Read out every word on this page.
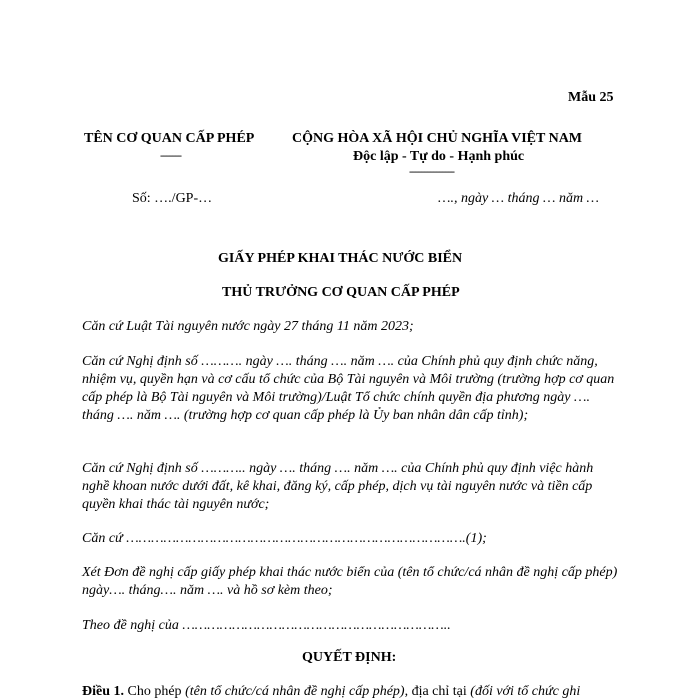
Mẫu 25
TÊN CƠ QUAN CẤP PHÉP
-------
Số: …./GP-…
CỘNG HÒA XÃ HỘI CHỦ NGHĨA VIỆT NAM
Độc lập - Tự do - Hạnh phúc
---------------
…., ngày … tháng … năm …
GIẤY PHÉP KHAI THÁC NƯỚC BIỂN
THỦ TRƯỞNG CƠ QUAN CẤP PHÉP
Căn cứ Luật Tài nguyên nước ngày 27 tháng 11 năm 2023;
Căn cứ Nghị định số ………. ngày …. tháng …. năm …. của Chính phủ quy định chức năng, nhiệm vụ, quyền hạn và cơ cấu tổ chức của Bộ Tài nguyên và Môi trường (trường hợp cơ quan cấp phép là Bộ Tài nguyên và Môi trường)/Luật Tổ chức chính quyền địa phương ngày …. tháng …. năm …. (trường hợp cơ quan cấp phép là Ủy ban nhân dân cấp tỉnh);
Căn cứ Nghị định số ……….. ngày …. tháng …. năm …. của Chính phủ quy định việc hành nghề khoan nước dưới đất, kê khai, đăng ký, cấp phép, dịch vụ tài nguyên nước và tiền cấp quyền khai thác tài nguyên nước;
Căn cứ ……………………………………………………………………….(1);
Xét Đơn đề nghị cấp giấy phép khai thác nước biển của (tên tổ chức/cá nhân đề nghị cấp phép) ngày…. tháng…. năm …. và hồ sơ kèm theo;
Theo đề nghị của ………………………………………………………..
QUYẾT ĐỊNH:
Điều 1. Cho phép (tên tổ chức/cá nhân đề nghị cấp phép), địa chỉ tại (đối với tổ chức ghi
